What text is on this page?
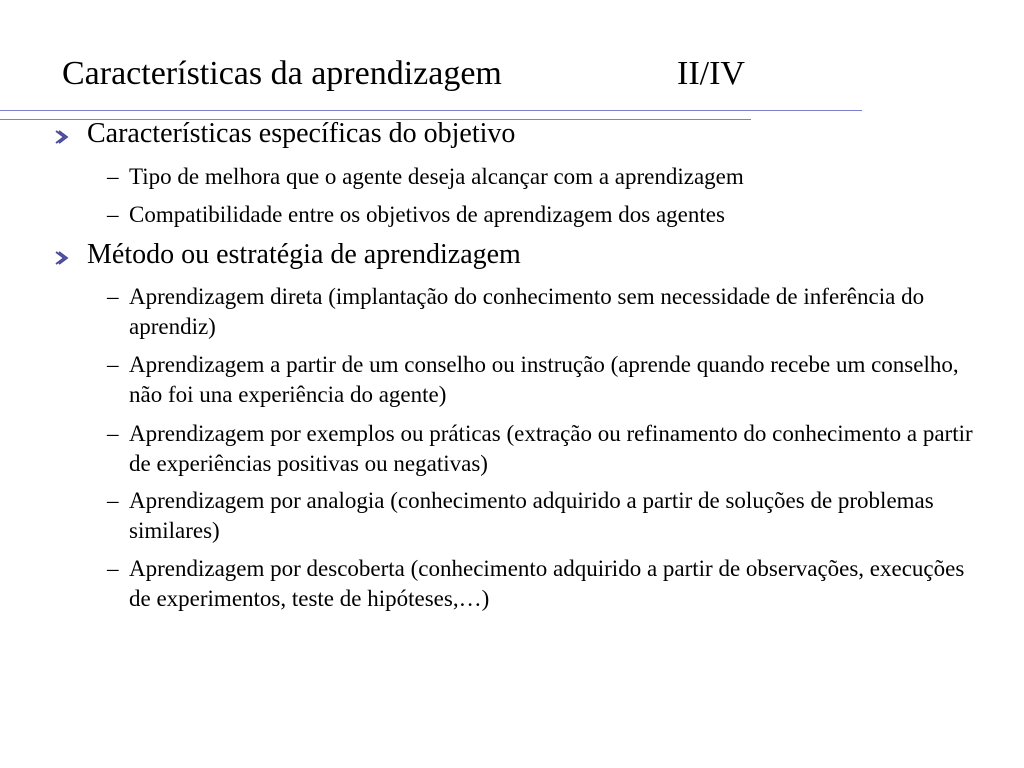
Características da aprendizagem	II/IV
Características específicas do objetivo
– Tipo de melhora que o agente deseja alcançar com a aprendizagem
– Compatibilidade entre os objetivos de aprendizagem dos agentes
Método ou estratégia de aprendizagem
– Aprendizagem direta (implantação do conhecimento sem necessidade de inferência do aprendiz)
– Aprendizagem a partir de um conselho ou instrução (aprende quando recebe um conselho, não foi una experiência do agente)
– Aprendizagem por exemplos ou práticas (extração ou refinamento do conhecimento a partir de experiências positivas ou negativas)
– Aprendizagem por analogia (conhecimento adquirido a partir de soluções de problemas similares)
– Aprendizagem por descoberta (conhecimento adquirido a partir de observações, execuções de experimentos, teste de hipóteses,…)
